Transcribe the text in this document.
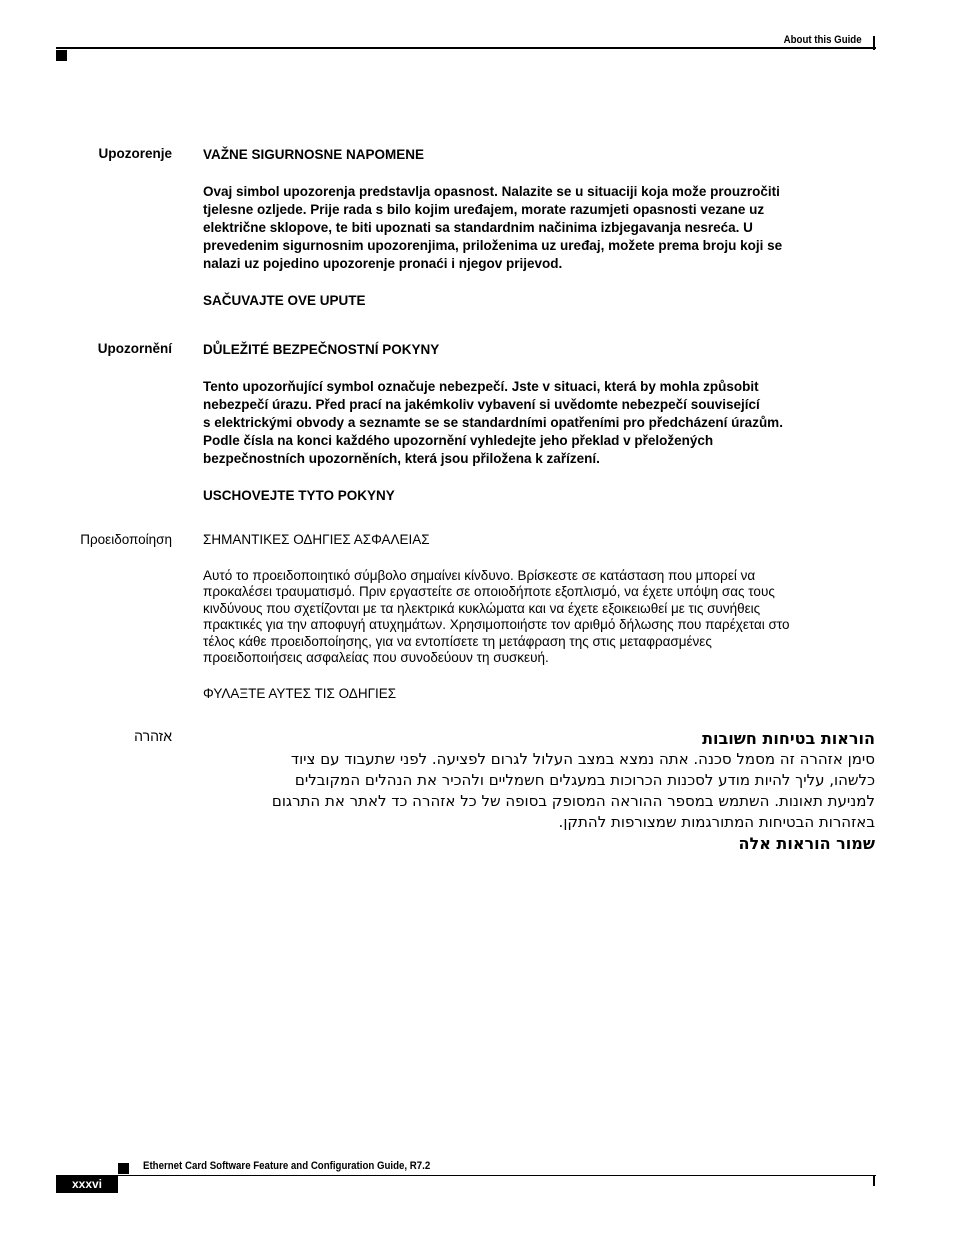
About this Guide
Upozorenje VAŽNE SIGURNOSNE NAPOMENE

Ovaj simbol upozorenja predstavlja opasnost. Nalazite se u situaciji koja može prouzročiti

tjelesne ozljede. Prije rada s bilo kojim uređajem, morate razumjeti opasnosti vezane uz

električne sklopove, te biti upoznati sa standardnim načinima izbjegavanja nesreća. U

prevedenim sigurnosnim upozorenjima, priloženima uz uređaj, možete prema broju koji se

nalazi uz pojedino upozorenje pronaći i njegov prijevod.

SAČUVAJTE OVE UPUTE

Upozornění DŮLEŽITÉ BEZPEČNOSTNÍ POKYNY

Tento upozorňující symbol označuje nebezpečí. Jste v situaci, která by mohla způsobit

nebezpečí úrazu. Před prací na jakémkoliv vybavení si uvědomte nebezpečí související

s elektrickými obvody a seznamte se se standardními opatřeními pro předcházení úrazům.

Podle čísla na konci každého upozornění vyhledejte jeho překlad v přeložených

bezpečnostních upozorněních, která jsou přiložena k zařízení.

USCHOVEJTE TYTO POKYNY

Προειδοποίηση ΣΗΜΑΝΤΙΚΕΣ ΟΔΗΓΙΕΣ ΑΣΦΑΛΕΙΑΣ

Αυτό το προειδοποιητικό σύμβολο σημαίνει κίνδυνο. Βρίσκεστε σε κατάσταση που μπορεί να

προκαλέσει τραυματισμό. Πριν εργαστείτε σε οποιοδήποτε εξοπλισμό, να έχετε υπόψη σας τους

κινδύνους που σχετίζονται με τα ηλεκτρικά κυκλώματα και να έχετε εξοικειωθεί με τις συνήθεις

πρακτικές για την αποφυγή ατυχημάτων. Χρησιμοποιήστε τον αριθμό δήλωσης που παρέχεται στο

τέλος κάθε προειδοποίησης, για να εντοπίσετε τη μετάφραση της στις μεταφρασμένες

προειδοποιήσεις ασφαλείας που συνοδεύουν τη συσκευή.

ΦΥΛΑΞΤΕ ΑΥΤΕΣ ΤΙΣ ΟΔΗΓΙΕΣ

אזהרה	הוראות בטיחות חשובות

סימן אזהרה זה מסמל סכנה. אתה נמצא במצב העלול לגרום לפציעה. לפני שתעבוד עם ציוד

כלשהו, עליך להיות מודע לסכנות הכרוכות במעגלים חשמליים ולהכיר את הנהלים המקובלים

למניעת תאונות. השתמש במספר ההוראה המסופק בסופה של כל אזהרה כד לאתר את התרגום

באזהרות הבטיחות המתורגמות שמצורפות להתקן.

שמור הוראות אלה

Ethernet Card Software Feature and Configuration Guide, R7.2
xxxvi
